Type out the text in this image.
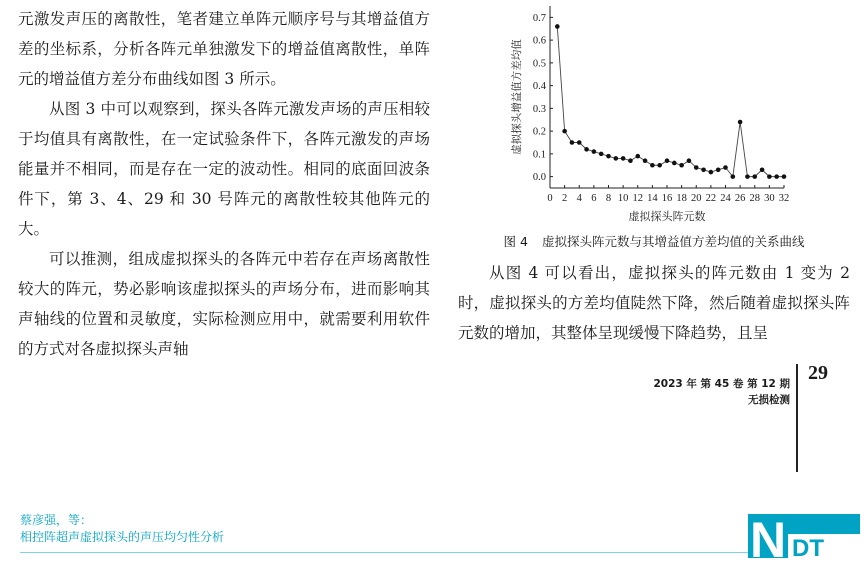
元激发声压的离散性，笔者建立单阵元顺序号与其增益值方差的坐标系，分析各阵元单独激发下的增益值离散性，单阵元的增益值方差分布曲线如图 3 所示。

从图 3 中可以观察到，探头各阵元激发声场的声压相较于均值具有离散性，在一定试验条件下，各阵元激发的声场能量并不相同，而是存在一定的波动性。相同的底面回波条件下，第 3、4、29 和 30 号阵元的离散性较其他阵元的大。

可以推测，组成虚拟探头的各阵元中若存在声场离散性较大的阵元，势必影响该虚拟探头的声场分布，进而影响其声轴线的位置和灵敏度，实际检测应用中，就需要利用软件的方式对各虚拟探头声轴

0.0
0.1
0.2
0.3
0.4
0.5
0.6
0.7
0 2 4 6 8 10 12 14 16 18 20 22 24 26 28 30 32
虚拟探头阵元数
虚拟探头增益值方差均值
图 4 虚拟探头阵元数与其增益值方差均值的关系曲线

从图 4 可以看出，虚拟探头的阵元数由 1 变为 2 时，虚拟探头的方差均值陡然下降，然后随着虚拟探头阵元数的增加，其整体呈现缓慢下降趋势，且呈

29
2023 年 第 45 卷 第 12 期
无损检测
蔡彦强，等：
相控阵超声虚拟探头的声压均匀性分析	N DT
